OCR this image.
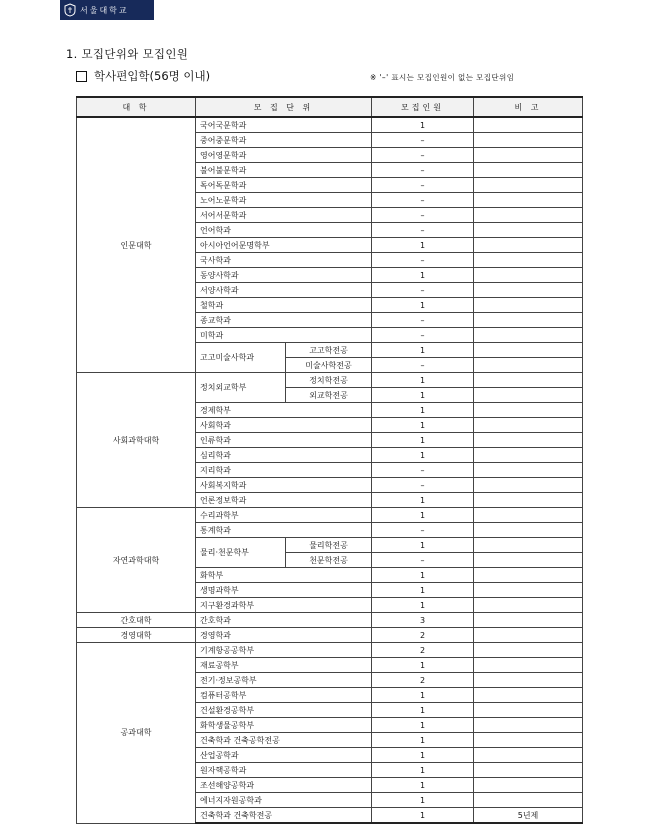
서울대학교
1. 모집단위와 모집인원
학사편입학(56명 이내)	※ '–' 표시는 모집인원이 없는 모집단위임
대 학	모 집 단 위		모집인원	비 고
인문대학	국어국문학과		1	
	중어중문학과		–	
	영어영문학과		–	
	불어불문학과		–	
	독어독문학과		–	
	노어노문학과		–	
	서어서문학과		–	
	언어학과		–	
	아시아언어문명학부		1	
	국사학과		–	
	동양사학과		1	
	서양사학과		–	
	철학과		1	
	종교학과		–	
	미학과		–	
	고고미술사학과	고고학전공	1	
		미술사학전공	–	
사회과학대학	정치외교학부	정치학전공	1	
		외교학전공	1	
	경제학부		1	
	사회학과		1	
	인류학과		1	
	심리학과		1	
	지리학과		–	
	사회복지학과		–	
	언론정보학과		1	
자연과학대학	수리과학부		1	
	통계학과		–	
	물리·천문학부	물리학전공	1	
		천문학전공	–	
	화학부		1	
	생명과학부		1	
	지구환경과학부		1	
간호대학	간호학과		3	
경영대학	경영학과		2	
공과대학	기계항공공학부		2	
	재료공학부		1	
	전기·정보공학부		2	
	컴퓨터공학부		1	
	건설환경공학부		1	
	화학생물공학부		1	
	건축학과 건축공학전공		1	
	산업공학과		1	
	원자핵공학과		1	
	조선해양공학과		1	
	에너지자원공학과		1	
	건축학과 건축학전공		1	5년제
